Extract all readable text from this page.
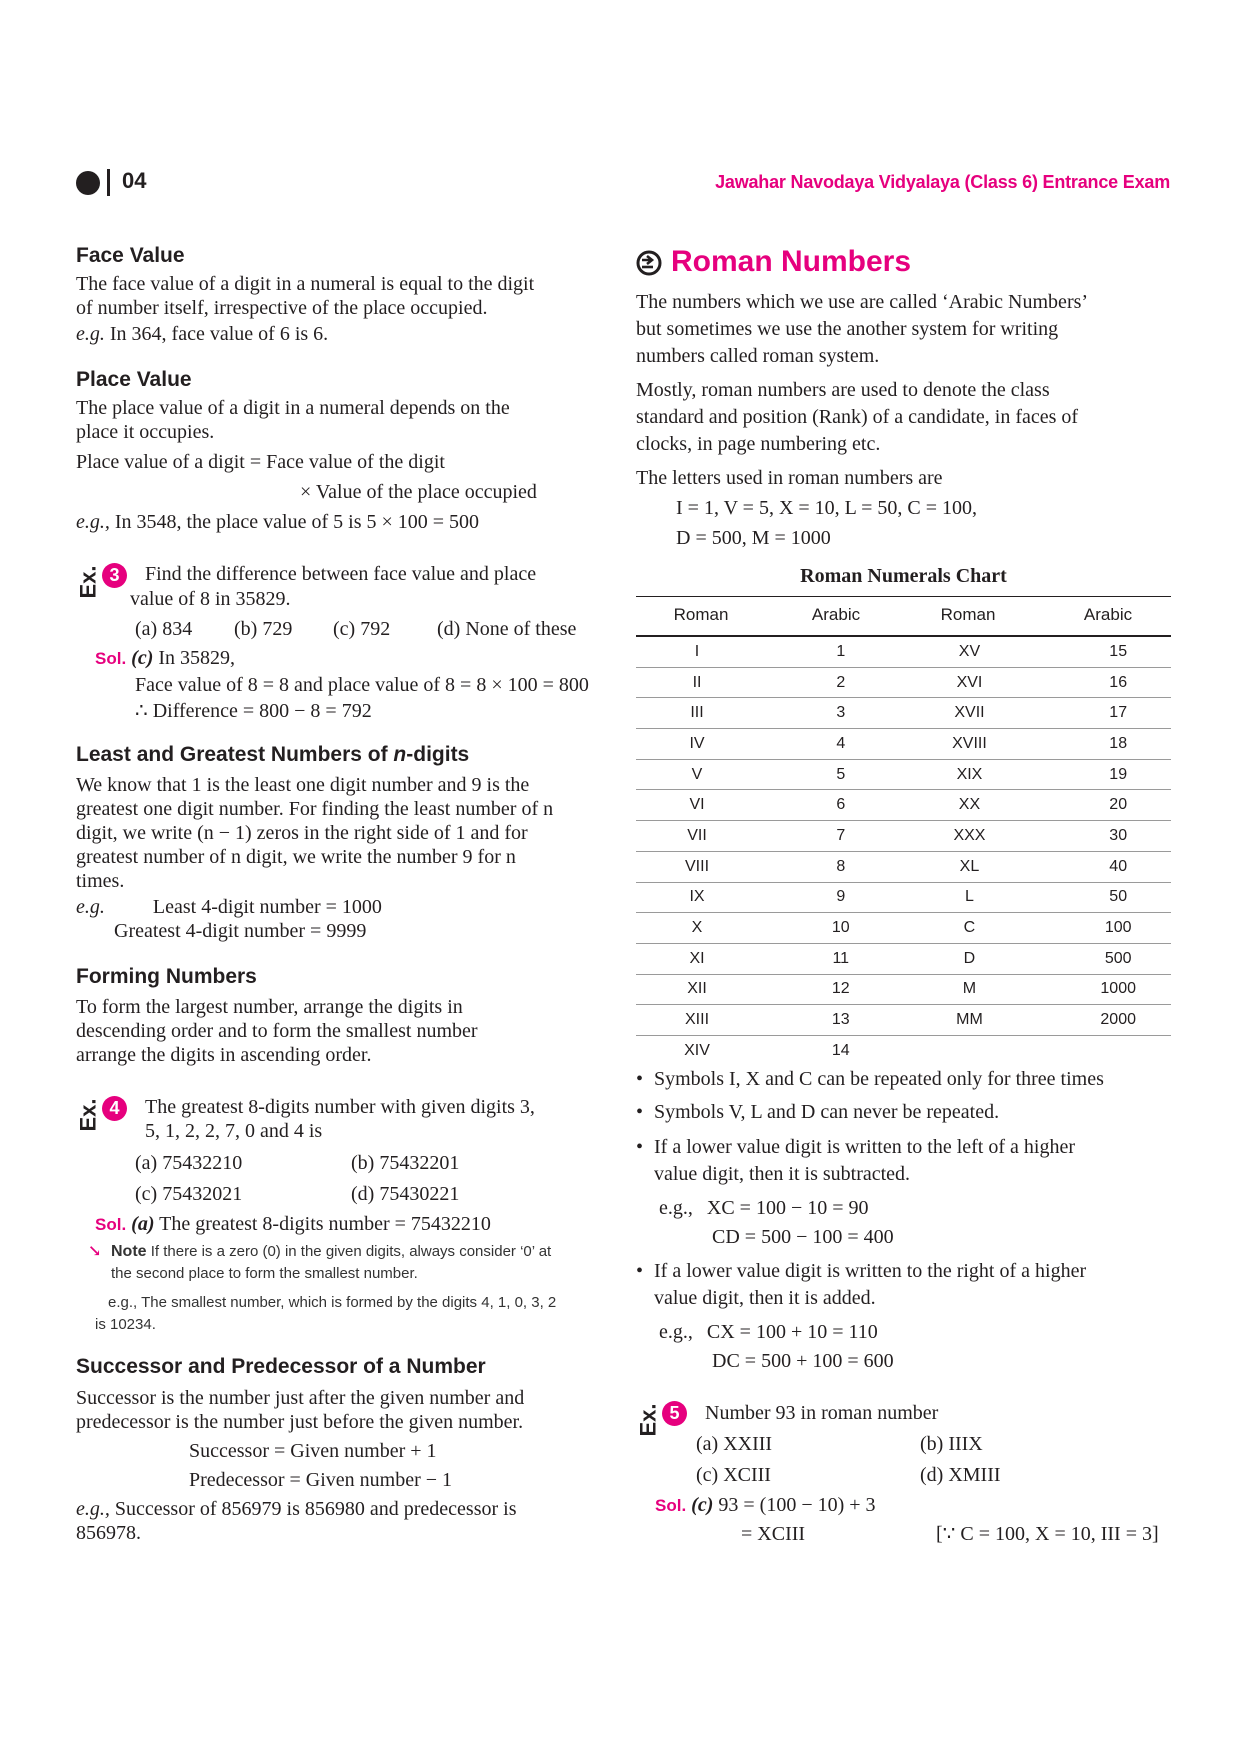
04	Jawahar Navodaya Vidyalaya (Class 6) Entrance Exam
Face Value

The face value of a digit in a numeral is equal to the digit

of number itself, irrespective of the place occupied.

e.g. In 364, face value of 6 is 6.

Place Value

The place value of a digit in a numeral depends on the

place it occupies.

Place value of a digit = Face value of the digit

× Value of the place occupied

e.g., In 3548, the place value of 5 is 5 × 100 = 500

Ex. 3	Find the difference between face value and place

value of 8 in 35829.

(a) 834 (b) 729 (c) 792 (d) None of these

Sol. (c) In 35829,

Face value of 8 = 8 and place value of 8 = 8 × 100 = 800

∴ Difference = 800 − 8 = 792

Least and Greatest Numbers of n-digits

We know that 1 is the least one digit number and 9 is the

greatest one digit number. For finding the least number of n

digit, we write (n − 1) zeros in the right side of 1 and for

greatest number of n digit, we write the number 9 for n

times.

e.g. Least 4-digit number = 1000

Greatest 4-digit number = 9999

Forming Numbers

To form the largest number, arrange the digits in

descending order and to form the smallest number

arrange the digits in ascending order.

Ex. 4	The greatest 8-digits number with given digits 3,

5, 1, 2, 2, 7, 0 and 4 is

(a) 75432210	(b) 75432201
(c) 75432021	(d) 75430221

Sol. (a) The greatest 8-digits number = 75432210

↘ Note If there is a zero (0) in the given digits, always consider ‘0’ at

the second place to form the smallest number.

e.g., The smallest number, which is formed by the digits 4, 1, 0, 3, 2

is 10234.

Successor and Predecessor of a Number

Successor is the number just after the given number and

predecessor is the number just before the given number.

Successor = Given number + 1

Predecessor = Given number − 1

e.g., Successor of 856979 is 856980 and predecessor is

856978.

Roman Numbers

The numbers which we use are called ‘Arabic Numbers’

but sometimes we use the another system for writing

numbers called roman system.

Mostly, roman numbers are used to denote the class

standard and position (Rank) of a candidate, in faces of

clocks, in page numbering etc.

The letters used in roman numbers are

I = 1, V = 5, X = 10, L = 50, C = 100,

D = 500, M = 1000

Roman Numerals Chart
Roman	Arabic	Roman	Arabic
I	1	XV	15
II	2	XVI	16
III	3	XVII	17
IV	4	XVIII	18
V	5	XIX	19
VI	6	XX	20
VII	7	XXX	30
VIII	8	XL	40
IX	9	L	50
X	10	C	100
XI	11	D	500
XII	12	M	1000
XIII	13	MM	2000
XIV	14		
• Symbols I, X and C can be repeated only for three times
• Symbols V, L and D can never be repeated.
• If a lower value digit is written to the left of a higher

value digit, then it is subtracted.

e.g., XC = 100 − 10 = 90
CD = 500 − 100 = 400
• If a lower value digit is written to the right of a higher

value digit, then it is added.

e.g., CX = 100 + 10 = 110
DC = 500 + 100 = 600
Ex. 5	Number 93 in roman number
(a) XXIII	(b) IIIX
(c) XCIII	(d) XMIII

Sol. (c) 93 = (100 − 10) + 3

= XCIII	[∵ C = 100, X = 10, III = 3]
